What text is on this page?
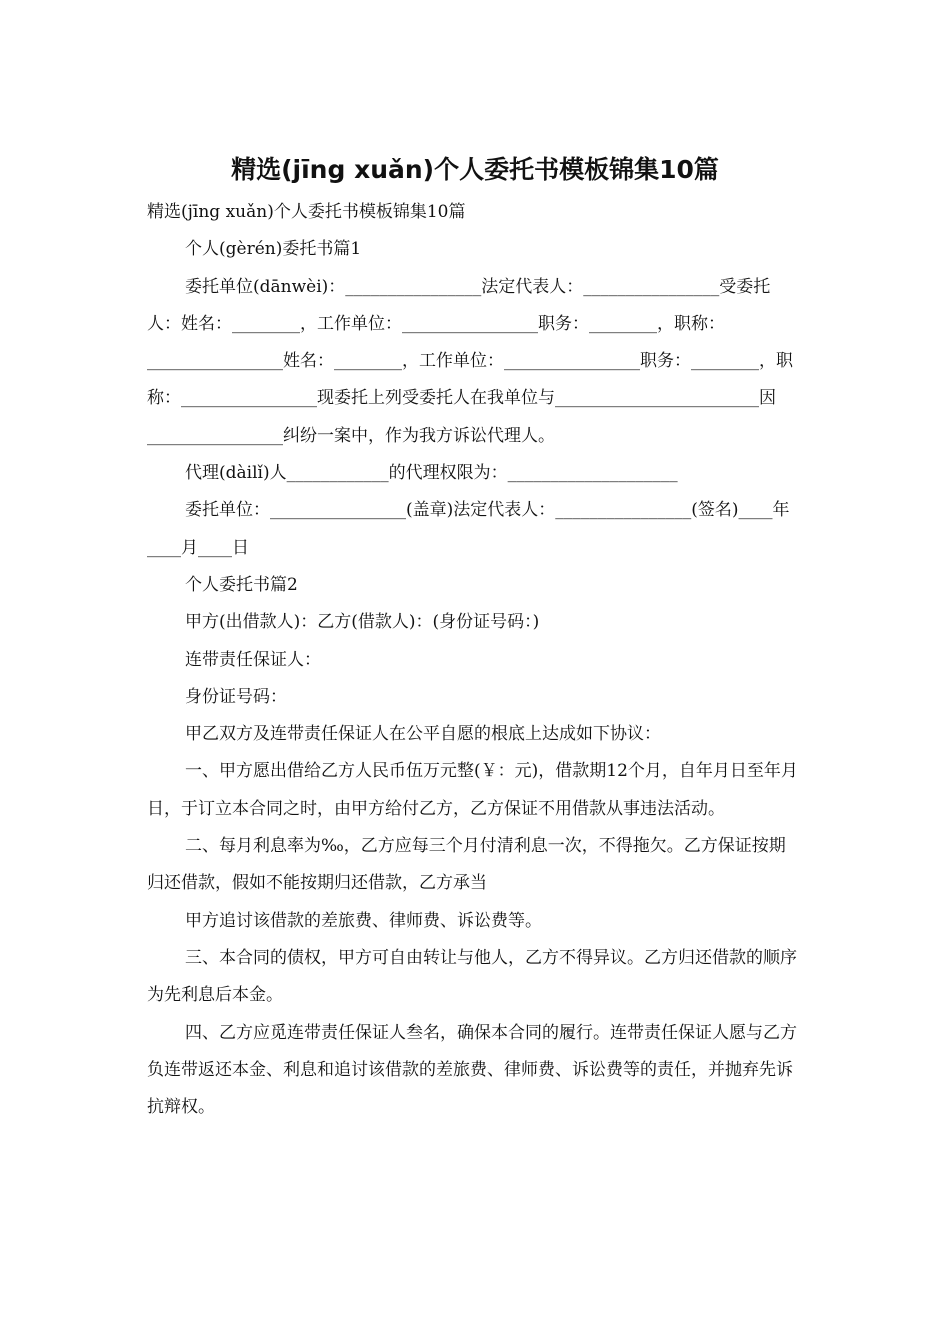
精选(jīng xuǎn)个人委托书模板锦集10篇

精选(jīng xuǎn)个人委托书模板锦集10篇

个人(gèrén)委托书篇1

委托单位(dānwèi)：________________法定代表人：________________受委托人：姓名：________，工作单位：________________职务：________，职称：________________姓名：________，工作单位：________________职务：________，职称：________________现委托上列受委托人在我单位与________________________因________________纠纷一案中，作为我方诉讼代理人。

代理(dàilǐ)人____________的代理权限为：____________________

委托单位：________________(盖章)法定代表人：________________(签名)____年____月____日

个人委托书篇2

甲方(出借款人)：乙方(借款人)：(身份证号码：)

连带责任保证人：

身份证号码：

甲乙双方及连带责任保证人在公平自愿的根底上达成如下协议：

一、甲方愿出借给乙方人民币伍万元整(￥：元)，借款期12个月，自年月日至年月日，于订立本合同之时，由甲方给付乙方，乙方保证不用借款从事违法活动。

二、每月利息率为‰，乙方应每三个月付清利息一次，不得拖欠。乙方保证按期归还借款，假如不能按期归还借款，乙方承当

甲方追讨该借款的差旅费、律师费、诉讼费等。

三、本合同的债权，甲方可自由转让与他人，乙方不得异议。乙方归还借款的顺序为先利息后本金。

四、乙方应觅连带责任保证人叁名，确保本合同的履行。连带责任保证人愿与乙方负连带返还本金、利息和追讨该借款的差旅费、律师费、诉讼费等的责任，并抛弃先诉抗辩权。
